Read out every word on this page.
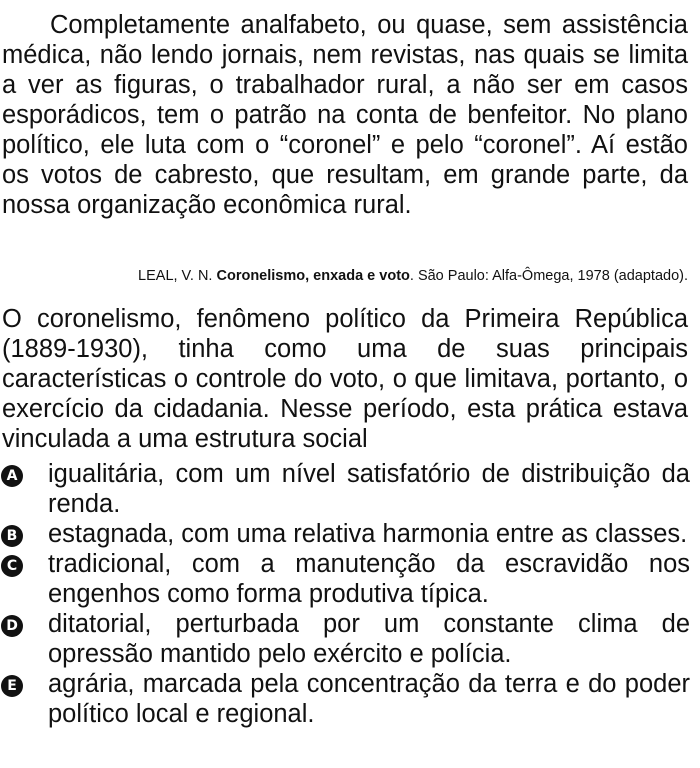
Completamente analfabeto, ou quase, sem assistência médica, não lendo jornais, nem revistas, nas quais se limita a ver as figuras, o trabalhador rural, a não ser em casos esporádicos, tem o patrão na conta de benfeitor. No plano político, ele luta com o “coronel” e pelo “coronel”. Aí estão os votos de cabresto, que resultam, em grande parte, da nossa organização econômica rural.

LEAL, V. N. Coronelismo, enxada e voto. São Paulo: Alfa-Ômega, 1978 (adaptado).

O coronelismo, fenômeno político da Primeira República (1889-1930), tinha como uma de suas principais características o controle do voto, o que limitava, portanto, o exercício da cidadania. Nesse período, esta prática estava vinculada a uma estrutura social

A igualitária, com um nível satisfatório de distribuição da renda.
B estagnada, com uma relativa harmonia entre as classes.
C tradicional, com a manutenção da escravidão nos engenhos como forma produtiva típica.
D ditatorial, perturbada por um constante clima de opressão mantido pelo exército e polícia.
E agrária, marcada pela concentração da terra e do poder político local e regional.
